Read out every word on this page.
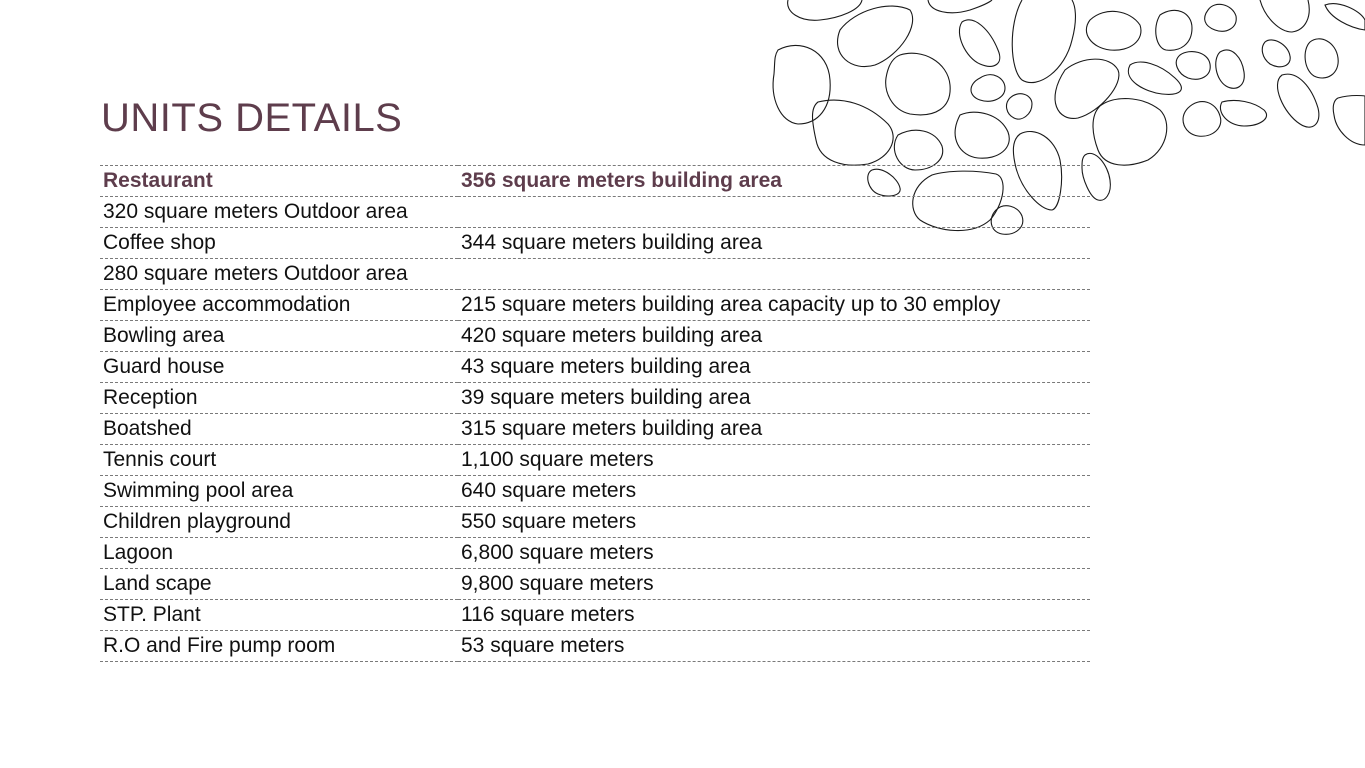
UNITS DETAILS
Restaurant	356 square meters building area
320 square meters Outdoor area	
Coffee shop	344 square meters building area
280 square meters Outdoor area	
Employee accommodation	215 square meters building area capacity up to 30 employ
Bowling area	420 square meters building area
Guard house	43 square meters building area
Reception	39 square meters building area
Boatshed	315 square meters building area
Tennis court	1,100 square meters
Swimming pool area	640 square meters
Children playground	550 square meters
Lagoon	6,800 square meters
Land scape	9,800 square meters
STP. Plant	116 square meters
R.O and Fire pump room	53 square meters
